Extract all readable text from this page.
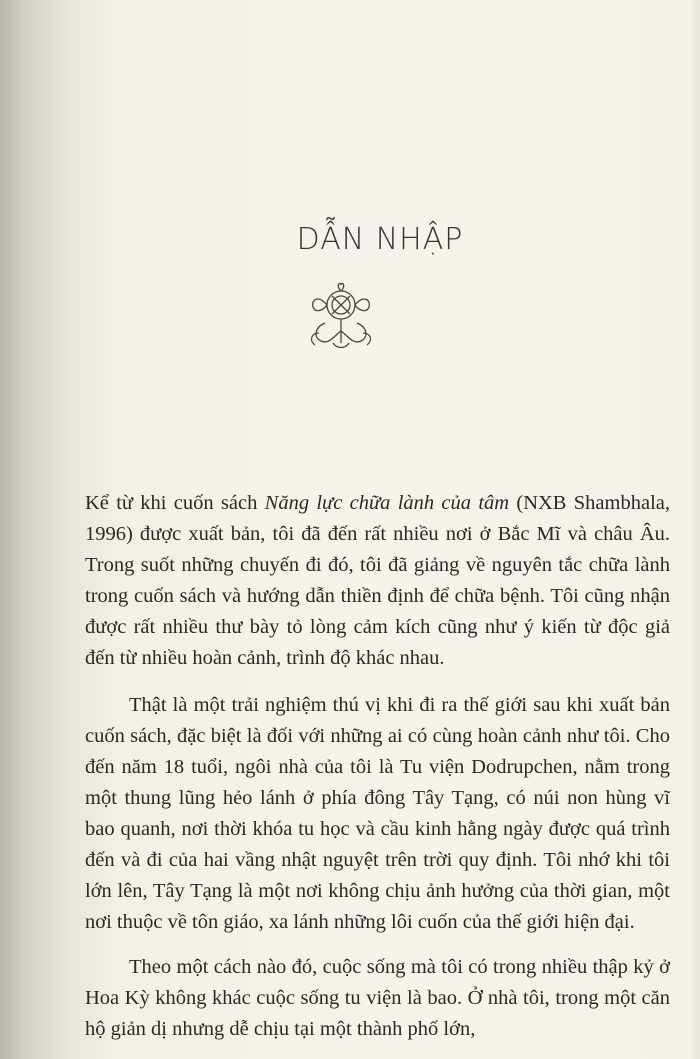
DẪN NHẬP

Kể từ khi cuốn sách Năng lực chữa lành của tâm (NXB Shambhala, 1996) được xuất bản, tôi đã đến rất nhiều nơi ở Bắc Mĩ và châu Âu. Trong suốt những chuyến đi đó, tôi đã giảng về nguyên tắc chữa lành trong cuốn sách và hướng dẫn thiền định để chữa bệnh. Tôi cũng nhận được rất nhiều thư bày tỏ lòng cảm kích cũng như ý kiến từ độc giả đến từ nhiều hoàn cảnh, trình độ khác nhau.

Thật là một trải nghiệm thú vị khi đi ra thế giới sau khi xuất bản cuốn sách, đặc biệt là đối với những ai có cùng hoàn cảnh như tôi. Cho đến năm 18 tuổi, ngôi nhà của tôi là Tu viện Dodrupchen, nằm trong một thung lũng hẻo lánh ở phía đông Tây Tạng, có núi non hùng vĩ bao quanh, nơi thời khóa tu học và cầu kinh hằng ngày được quá trình đến và đi của hai vầng nhật nguyệt trên trời quy định. Tôi nhớ khi tôi lớn lên, Tây Tạng là một nơi không chịu ảnh hưởng của thời gian, một nơi thuộc về tôn giáo, xa lánh những lôi cuốn của thế giới hiện đại.

Theo một cách nào đó, cuộc sống mà tôi có trong nhiều thập kỷ ở Hoa Kỳ không khác cuộc sống tu viện là bao. Ở nhà tôi, trong một căn hộ giản dị nhưng dễ chịu tại một thành phố lớn,
